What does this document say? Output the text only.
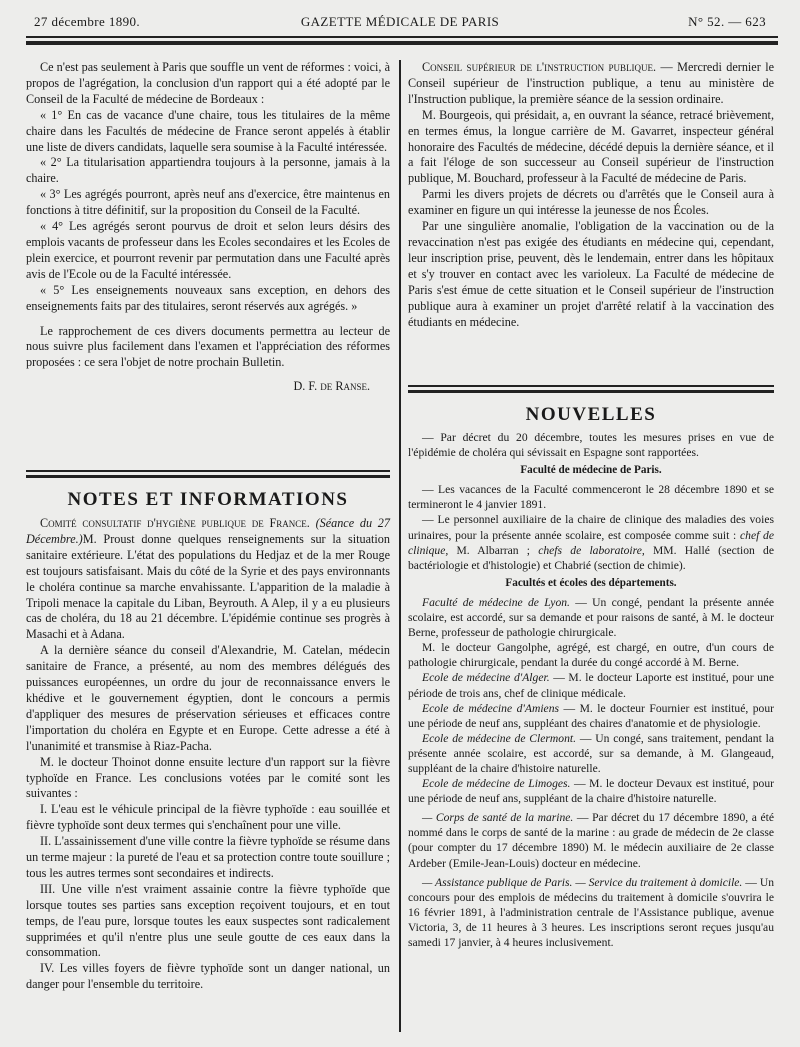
27 décembre 1890.	GAZETTE MÉDICALE DE PARIS	N° 52. — 623

Ce n'est pas seulement à Paris que souffle un vent de réformes : voici, à propos de l'agrégation, la conclusion d'un rapport qui a été adopté par le Conseil de la Faculté de médecine de Bordeaux :

« 1° En cas de vacance d'une chaire, tous les titulaires de la même chaire dans les Facultés de médecine de France seront appelés à établir une liste de divers candidats, laquelle sera soumise à la Faculté intéressée.

« 2° La titularisation appartiendra toujours à la personne, jamais à la chaire.

« 3° Les agrégés pourront, après neuf ans d'exercice, être maintenus en fonctions à titre définitif, sur la proposition du Conseil de la Faculté.

« 4° Les agrégés seront pourvus de droit et selon leurs désirs des emplois vacants de professeur dans les Ecoles secondaires et les Ecoles de plein exercice, et pourront revenir par permutation dans une Faculté après avis de l'Ecole ou de la Faculté intéressée.

« 5° Les enseignements nouveaux sans exception, en dehors des enseignements faits par des titulaires, seront réservés aux agrégés. »

Le rapprochement de ces divers documents permettra au lecteur de nous suivre plus facilement dans l'examen et l'appréciation des réformes proposées : ce sera l'objet de notre prochain Bulletin.

D. F. de Ranse.

NOTES ET INFORMATIONS

Comité consultatif d'hygiène publique de France. (Séance du 27 Décembre.)M. Proust donne quelques renseignements sur la situation sanitaire extérieure. L'état des populations du Hedjaz et de la mer Rouge est toujours satisfaisant. Mais du côté de la Syrie et des pays environnants le choléra continue sa marche envahissante. L'apparition de la maladie à Tripoli menace la capitale du Liban, Beyrouth. A Alep, il y a eu plusieurs cas de choléra, du 18 au 21 décembre. L'épidémie continue ses progrès à Masachi et à Adana.

A la dernière séance du conseil d'Alexandrie, M. Catelan, médecin sanitaire de France, a présenté, au nom des membres délégués des puissances européennes, un ordre du jour de reconnaissance envers le khédive et le gouvernement égyptien, dont le concours a permis d'appliquer des mesures de préservation sérieuses et efficaces contre l'importation du choléra en Egypte et en Europe. Cette adresse a été à l'unanimité et transmise à Riaz-Pacha.

M. le docteur Thoinot donne ensuite lecture d'un rapport sur la fièvre typhoïde en France. Les conclusions votées par le comité sont les suivantes :

I. L'eau est le véhicule principal de la fièvre typhoïde : eau souillée et fièvre typhoïde sont deux termes qui s'enchaînent pour une ville.

II. L'assainissement d'une ville contre la fièvre typhoïde se résume dans un terme majeur : la pureté de l'eau et sa protection contre toute souillure ; tous les autres termes sont secondaires et indirects.

III. Une ville n'est vraiment assainie contre la fièvre typhoïde que lorsque toutes ses parties sans exception reçoivent toujours, et en tout temps, de l'eau pure, lorsque toutes les eaux suspectes sont radicalement supprimées et qu'il n'entre plus une seule goutte de ces eaux dans la consommation.

IV. Les villes foyers de fièvre typhoïde sont un danger national, un danger pour l'ensemble du territoire.

Conseil supérieur de l'instruction publique. — Mercredi dernier le Conseil supérieur de l'instruction publique, a tenu au ministère de l'Instruction publique, la première séance de la session ordinaire.

M. Bourgeois, qui présidait, a, en ouvrant la séance, retracé brièvement, en termes émus, la longue carrière de M. Gavarret, inspecteur général honoraire des Facultés de médecine, décédé depuis la dernière séance, et il a fait l'éloge de son successeur au Conseil supérieur de l'instruction publique, M. Bouchard, professeur à la Faculté de médecine de Paris.

Parmi les divers projets de décrets ou d'arrêtés que le Conseil aura à examiner en figure un qui intéresse la jeunesse de nos Écoles.

Par une singulière anomalie, l'obligation de la vaccination ou de la revaccination n'est pas exigée des étudiants en médecine qui, cependant, leur inscription prise, peuvent, dès le lendemain, entrer dans les hôpitaux et s'y trouver en contact avec les varioleux. La Faculté de médecine de Paris s'est émue de cette situation et le Conseil supérieur de l'instruction publique aura à examiner un projet d'arrêté relatif à la vaccination des étudiants en médecine.

NOUVELLES

— Par décret du 20 décembre, toutes les mesures prises en vue de l'épidémie de choléra qui sévissait en Espagne sont rapportées.

Faculté de médecine de Paris.

— Les vacances de la Faculté commenceront le 28 décembre 1890 et se termineront le 4 janvier 1891.

— Le personnel auxiliaire de la chaire de clinique des maladies des voies urinaires, pour la présente année scolaire, est composée comme suit : chef de clinique, M. Albarran ; chefs de laboratoire, MM. Hallé (section de bactériologie et d'histologie) et Chabrié (section de chimie).

Facultés et écoles des départements.

Faculté de médecine de Lyon. — Un congé, pendant la présente année scolaire, est accordé, sur sa demande et pour raisons de santé, à M. le docteur Berne, professeur de pathologie chirurgicale.

M. le docteur Gangolphe, agrégé, est chargé, en outre, d'un cours de pathologie chirurgicale, pendant la durée du congé accordé à M. Berne.

Ecole de médecine d'Alger. — M. le docteur Laporte est institué, pour une période de trois ans, chef de clinique médicale.

Ecole de médecine d'Amiens — M. le docteur Fournier est institué, pour une période de neuf ans, suppléant des chaires d'anatomie et de physiologie.

Ecole de médecine de Clermont. — Un congé, sans traitement, pendant la présente année scolaire, est accordé, sur sa demande, à M. Glangeaud, suppléant de la chaire d'histoire naturelle.

Ecole de médecine de Limoges. — M. le docteur Devaux est institué, pour une période de neuf ans, suppléant de la chaire d'histoire naturelle.

— Corps de santé de la marine. — Par décret du 17 décembre 1890, a été nommé dans le corps de santé de la marine : au grade de médecin de 2e classe (pour compter du 17 décembre 1890) M. le médecin auxiliaire de 2e classe Ardeber (Emile-Jean-Louis) docteur en médecine.

— Assistance publique de Paris. — Service du traitement à domicile. — Un concours pour des emplois de médecins du traitement à domicile s'ouvrira le 16 février 1891, à l'administration centrale de l'Assistance publique, avenue Victoria, 3, de 11 heures à 3 heures. Les inscriptions seront reçues jusqu'au samedi 17 janvier, à 4 heures inclusivement.
